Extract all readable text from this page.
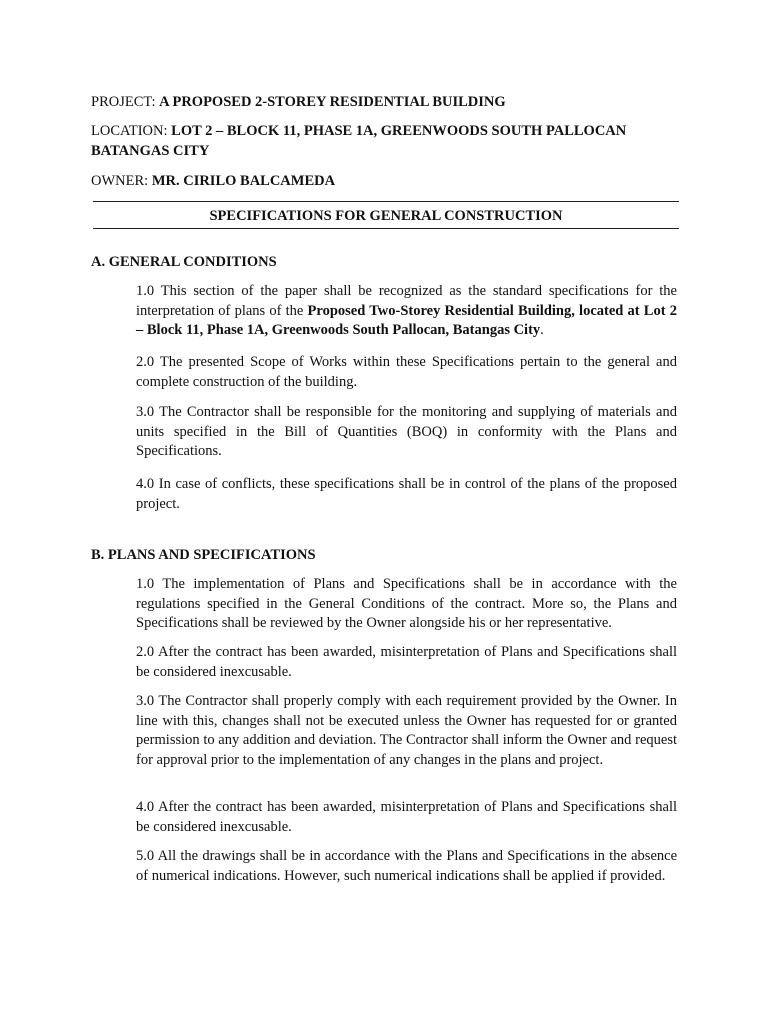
PROJECT: A PROPOSED 2-STOREY RESIDENTIAL BUILDING

LOCATION: LOT 2 – BLOCK 11, PHASE 1A, GREENWOODS SOUTH PALLOCAN BATANGAS CITY

OWNER: MR. CIRILO BALCAMEDA

SPECIFICATIONS FOR GENERAL CONSTRUCTION
A. GENERAL CONDITIONS

1.0 This section of the paper shall be recognized as the standard specifications for the interpretation of plans of the Proposed Two-Storey Residential Building, located at Lot 2 – Block 11, Phase 1A, Greenwoods South Pallocan, Batangas City.

2.0 The presented Scope of Works within these Specifications pertain to the general and complete construction of the building.

3.0 The Contractor shall be responsible for the monitoring and supplying of materials and units specified in the Bill of Quantities (BOQ) in conformity with the Plans and Specifications.

4.0 In case of conflicts, these specifications shall be in control of the plans of the proposed project.

B. PLANS AND SPECIFICATIONS

1.0 The implementation of Plans and Specifications shall be in accordance with the regulations specified in the General Conditions of the contract. More so, the Plans and Specifications shall be reviewed by the Owner alongside his or her representative.

2.0 After the contract has been awarded, misinterpretation of Plans and Specifications shall be considered inexcusable.

3.0 The Contractor shall properly comply with each requirement provided by the Owner. In line with this, changes shall not be executed unless the Owner has requested for or granted permission to any addition and deviation. The Contractor shall inform the Owner and request for approval prior to the implementation of any changes in the plans and project.

4.0 After the contract has been awarded, misinterpretation of Plans and Specifications shall be considered inexcusable.

5.0 All the drawings shall be in accordance with the Plans and Specifications in the absence of numerical indications. However, such numerical indications shall be applied if provided.
